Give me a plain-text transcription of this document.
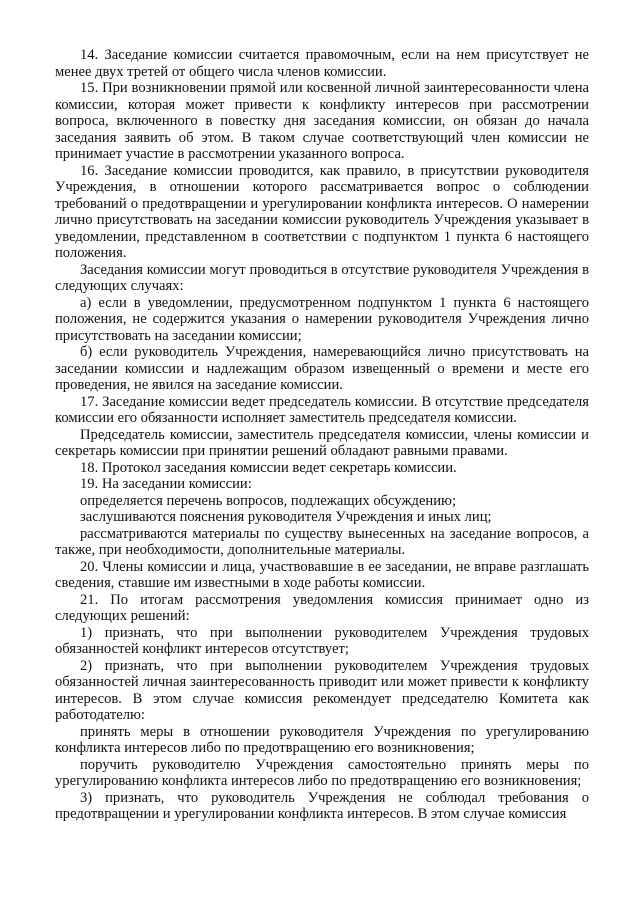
14. Заседание комиссии считается правомочным, если на нем присутствует не менее двух третей от общего числа членов комиссии.

15. При возникновении прямой или косвенной личной заинтересованности члена комиссии, которая может привести к конфликту интересов при рассмотрении вопроса, включенного в повестку дня заседания комиссии, он обязан до начала заседания заявить об этом. В таком случае соответствующий член комиссии не принимает участие в рассмотрении указанного вопроса.

16. Заседание комиссии проводится, как правило, в присутствии руководителя Учреждения, в отношении которого рассматривается вопрос о соблюдении требований о предотвращении и урегулировании конфликта интересов. О намерении лично присутствовать на заседании комиссии руководитель Учреждения указывает в уведомлении, представленном в соответствии с подпунктом 1 пункта 6 настоящего положения.

Заседания комиссии могут проводиться в отсутствие руководителя Учреждения в следующих случаях:

а) если в уведомлении, предусмотренном подпунктом 1 пункта 6 настоящего положения, не содержится указания о намерении руководителя Учреждения лично присутствовать на заседании комиссии;

б) если руководитель Учреждения, намеревающийся лично присутствовать на заседании комиссии и надлежащим образом извещенный о времени и месте его проведения, не явился на заседание комиссии.

17. Заседание комиссии ведет председатель комиссии. В отсутствие председателя комиссии его обязанности исполняет заместитель председателя комиссии.

Председатель комиссии, заместитель председателя комиссии, члены комиссии и секретарь комиссии при принятии решений обладают равными правами.

18. Протокол заседания комиссии ведет секретарь комиссии.

19. На заседании комиссии:

определяется перечень вопросов, подлежащих обсуждению;

заслушиваются пояснения руководителя Учреждения и иных лиц;

рассматриваются материалы по существу вынесенных на заседание вопросов, а также, при необходимости, дополнительные материалы.

20. Члены комиссии и лица, участвовавшие в ее заседании, не вправе разглашать сведения, ставшие им известными в ходе работы комиссии.

21. По итогам рассмотрения уведомления комиссия принимает одно из следующих решений:

1) признать, что при выполнении руководителем Учреждения трудовых обязанностей конфликт интересов отсутствует;

2) признать, что при выполнении руководителем Учреждения трудовых обязанностей личная заинтересованность приводит или может привести к конфликту интересов. В этом случае комиссия рекомендует председателю Комитета как работодателю:

принять меры в отношении руководителя Учреждения по урегулированию конфликта интересов либо по предотвращению его возникновения;

поручить руководителю Учреждения самостоятельно принять меры по урегулированию конфликта интересов либо по предотвращению его возникновения;

3) признать, что руководитель Учреждения не соблюдал требования о предотвращении и урегулировании конфликта интересов. В этом случае комиссия
